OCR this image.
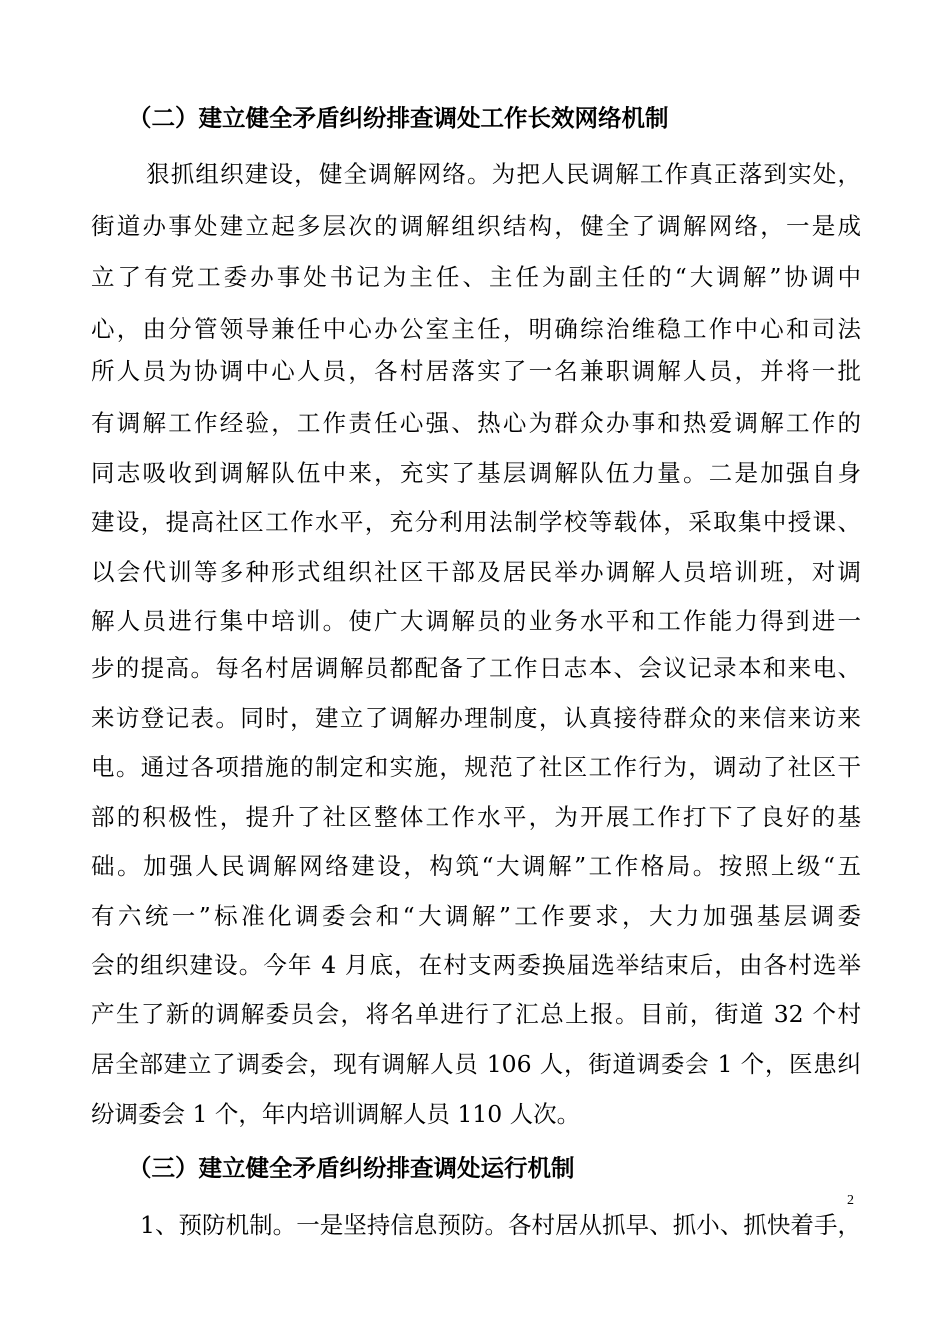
（二）建立健全矛盾纠纷排查调处工作长效网络机制
狠抓组织建设，健全调解网络。为把人民调解工作真正落到实处，
街道办事处建立起多层次的调解组织结构，健全了调解网络，一是成
立了有党工委办事处书记为主任、主任为副主任的“大调解”协调中
心，由分管领导兼任中心办公室主任，明确综治维稳工作中心和司法
所人员为协调中心人员，各村居落实了一名兼职调解人员，并将一批
有调解工作经验，工作责任心强、热心为群众办事和热爱调解工作的
同志吸收到调解队伍中来，充实了基层调解队伍力量。二是加强自身
建设，提高社区工作水平，充分利用法制学校等载体，采取集中授课、
以会代训等多种形式组织社区干部及居民举办调解人员培训班，对调
解人员进行集中培训。使广大调解员的业务水平和工作能力得到进一
步的提高。每名村居调解员都配备了工作日志本、会议记录本和来电、
来访登记表。同时，建立了调解办理制度，认真接待群众的来信来访来
电。通过各项措施的制定和实施，规范了社区工作行为，调动了社区干
部的积极性，提升了社区整体工作水平，为开展工作打下了良好的基
础。加强人民调解网络建设，构筑“大调解”工作格局。按照上级“五
有六统一”标准化调委会和“大调解”工作要求，大力加强基层调委
会的组织建设。今年 4 月底，在村支两委换届选举结束后，由各村选举
产生了新的调解委员会，将名单进行了汇总上报。目前，街道 32 个村
居全部建立了调委会，现有调解人员 106 人，街道调委会 1 个，医患纠
纷调委会 1 个，年内培训调解人员 110 人次。
（三）建立健全矛盾纠纷排查调处运行机制
1、预防机制。一是坚持信息预防。各村居从抓早、抓小、抓快着手，
2
